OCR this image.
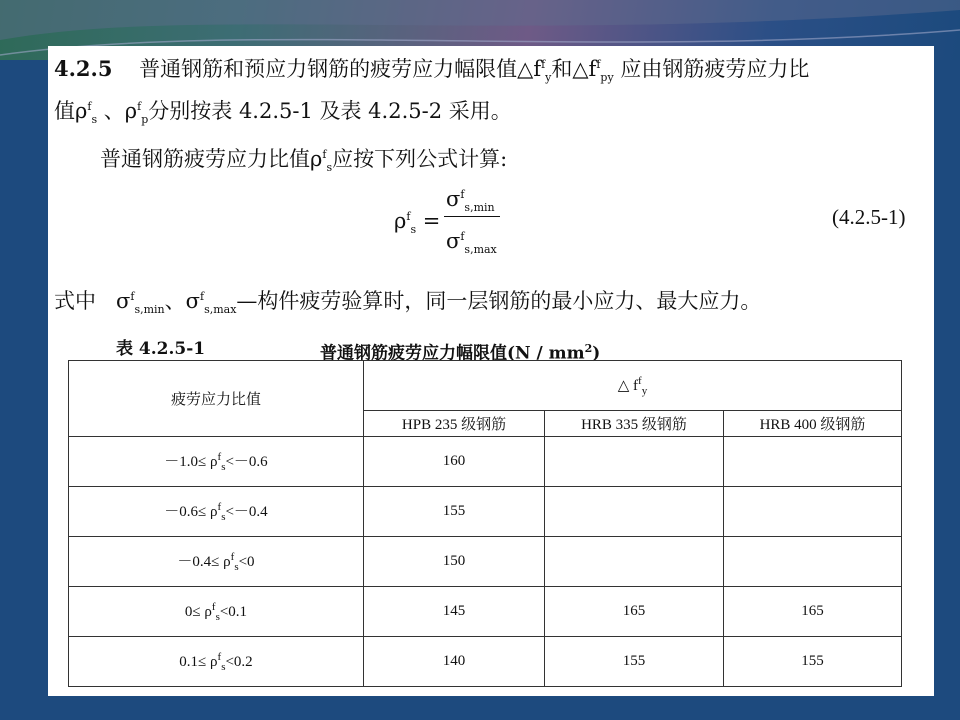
4.2.5 普通钢筋和预应力钢筋的疲劳应力幅限值$\triangle f^f_y$和$\triangle f^f_{py}$ 应由钢筋疲劳应力比
值$\rho^f_s$ 、$\rho^f_p$分别按表 4.2.5-1 及表 4.2.5-2 采用。
普通钢筋疲劳应力比值$\rho^f_s$应按下列公式计算:
$\rho^f_s$ =
$\sigma^f_{s,min}$
$\sigma^f_{s,max}$
(4.2.5-1)
式中 $\sigma^f_{s,min}$、$\sigma^f_{s,max}—$构件疲劳验算时，同一层钢筋的最小应力、最大应力。
表 4.2.5-1	普通钢筋疲劳应力幅限值$(N / mm^2)$
疲劳应力比值	△ $f^f_y$
	HPB 235 级钢筋	HRB 335 级钢筋	HRB 400 级钢筋
$-1.0\le \rho^f_s<-0.6$	160		
$-0.6\le \rho^f_s<-0.4$	155		
$-0.4\le \rho^f_s<0$	150		
$0\le \rho^f_s<0.1$	145	165	165
$0.1\le \rho^f_s<0.2$	140	155	155
